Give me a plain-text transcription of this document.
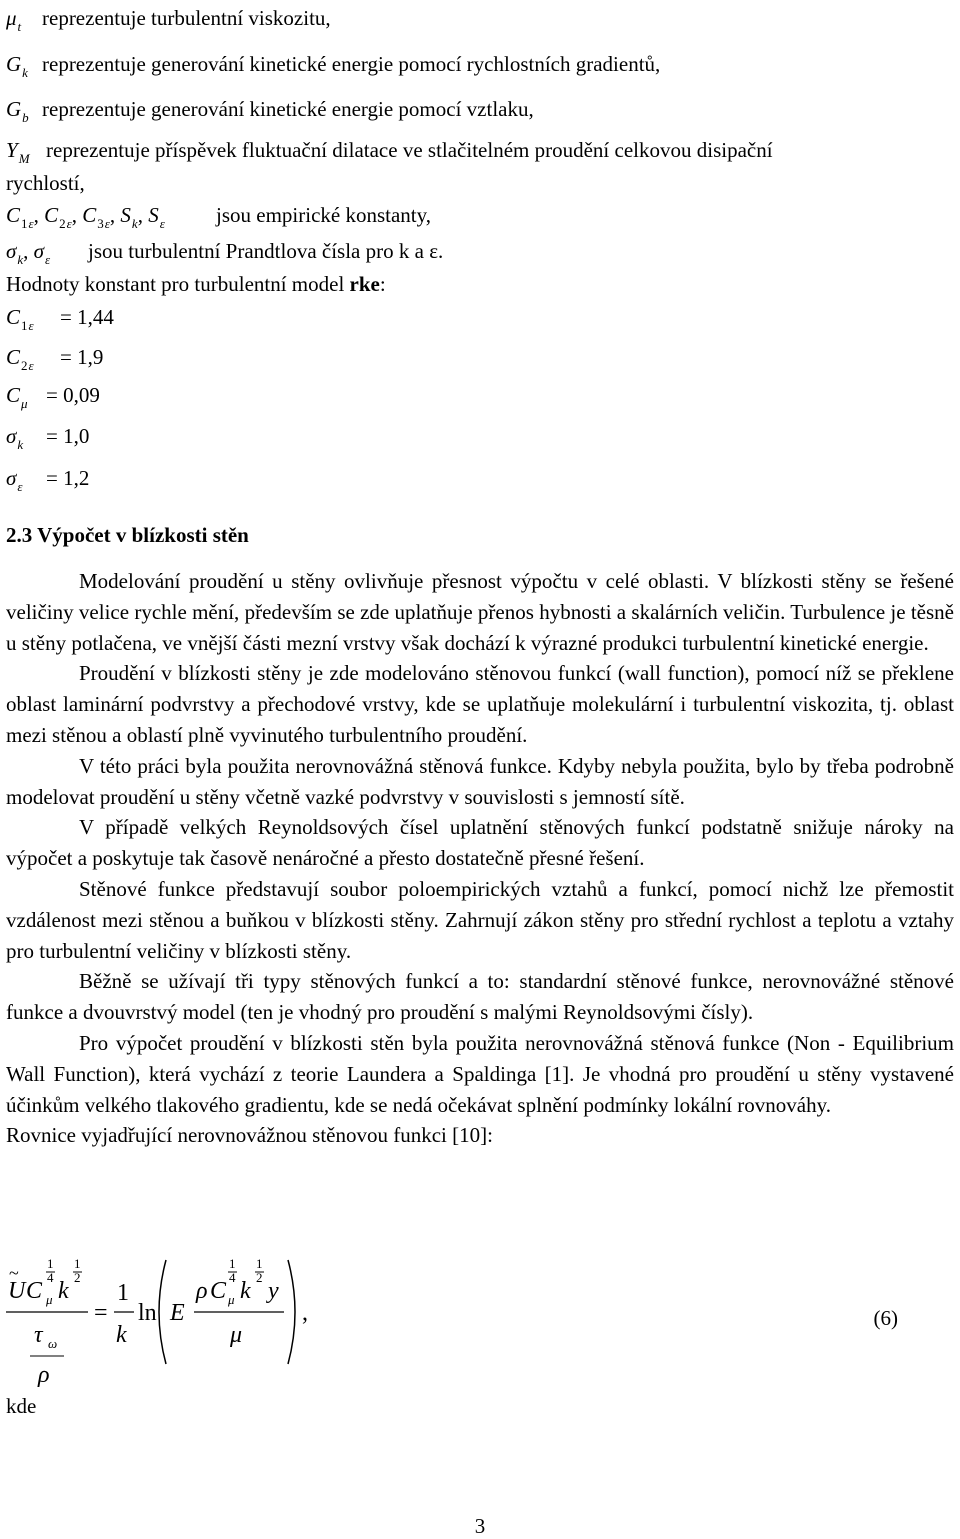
$\mu_t$ reprezentuje turbulentní viskozitu,
$G_k$ reprezentuje generování kinetické energie pomocí rychlostních gradientů,
$G_b$ reprezentuje generování kinetické energie pomocí vztlaku,
$Y_M$ reprezentuje příspěvek fluktuační dilatace ve stlačitelném proudění celkovou disipační
rychlostí,
$C_{1\varepsilon}$, $C_{2\varepsilon}$, $C_{3\varepsilon}$, $S_k$, $S_\varepsilon$ jsou empirické konstanty,
$\sigma_k$, $\sigma_\varepsilon$ jsou turbulentní Prandtlova čísla pro k a ε.
Hodnoty konstant pro turbulentní model rke:
$C_{1\varepsilon} = 1,44$
$C_{2\varepsilon} = 1,9$
$C_\mu = 0,09$
$\sigma_k = 1,0$
$\sigma_\varepsilon = 1,2$
2.3 Výpočet v blízkosti stěn

Modelování proudění u stěny ovlivňuje přesnost výpočtu v celé oblasti. V blízkosti stěny se řešené veličiny velice rychle mění, především se zde uplatňuje přenos hybnosti a skalárních veličin. Turbulence je těsně u stěny potlačena, ve vnější části mezní vrstvy však dochází k výrazné produkci turbulentní kinetické energie.

Proudění v blízkosti stěny je zde modelováno stěnovou funkcí (wall function), pomocí níž se překlene oblast laminární podvrstvy a přechodové vrstvy, kde se uplatňuje molekulární i turbulentní viskozita, tj. oblast mezi stěnou a oblastí plně vyvinutého turbulentního proudění.

V této práci byla použita nerovnovážná stěnová funkce. Kdyby nebyla použita, bylo by třeba podrobně modelovat proudění u stěny včetně vazké podvrstvy v souvislosti s jemností sítě.

V případě velkých Reynoldsových čísel uplatnění stěnových funkcí podstatně snižuje nároky na výpočet a poskytuje tak časově nenáročné a přesto dostatečně přesné řešení.

Stěnové funkce představují soubor poloempirických vztahů a funkcí, pomocí nichž lze přemostit vzdálenost mezi stěnou a buňkou v blízkosti stěny. Zahrnují zákon stěny pro střední rychlost a teplotu a vztahy pro turbulentní veličiny v blízkosti stěny.

Běžně se užívají tři typy stěnových funkcí a to: standardní stěnové funkce, nerovnovážné stěnové funkce a dvouvrstvý model (ten je vhodný pro proudění s malými Reynoldsovými čísly).

Pro výpočet proudění v blízkosti stěn byla použita nerovnovážná stěnová funkce (Non - Equilibrium Wall Function), která vychází z teorie Laundera a Spaldinga [1]. Je vhodná pro proudění u stěny vystavené účinkům velkého tlakového gradientu, kde se nedá očekávat splnění podmínky lokální rovnováhy.

Rovnice vyjadřující nerovnovážnou stěnovou funkci [10]:

U
~
C μ
4
1
k
2
1
τ ω
ρ
=
1
k
ln E
ρ C μ
4
1
k
2
1
y
μ
,	(6)
kde
3
